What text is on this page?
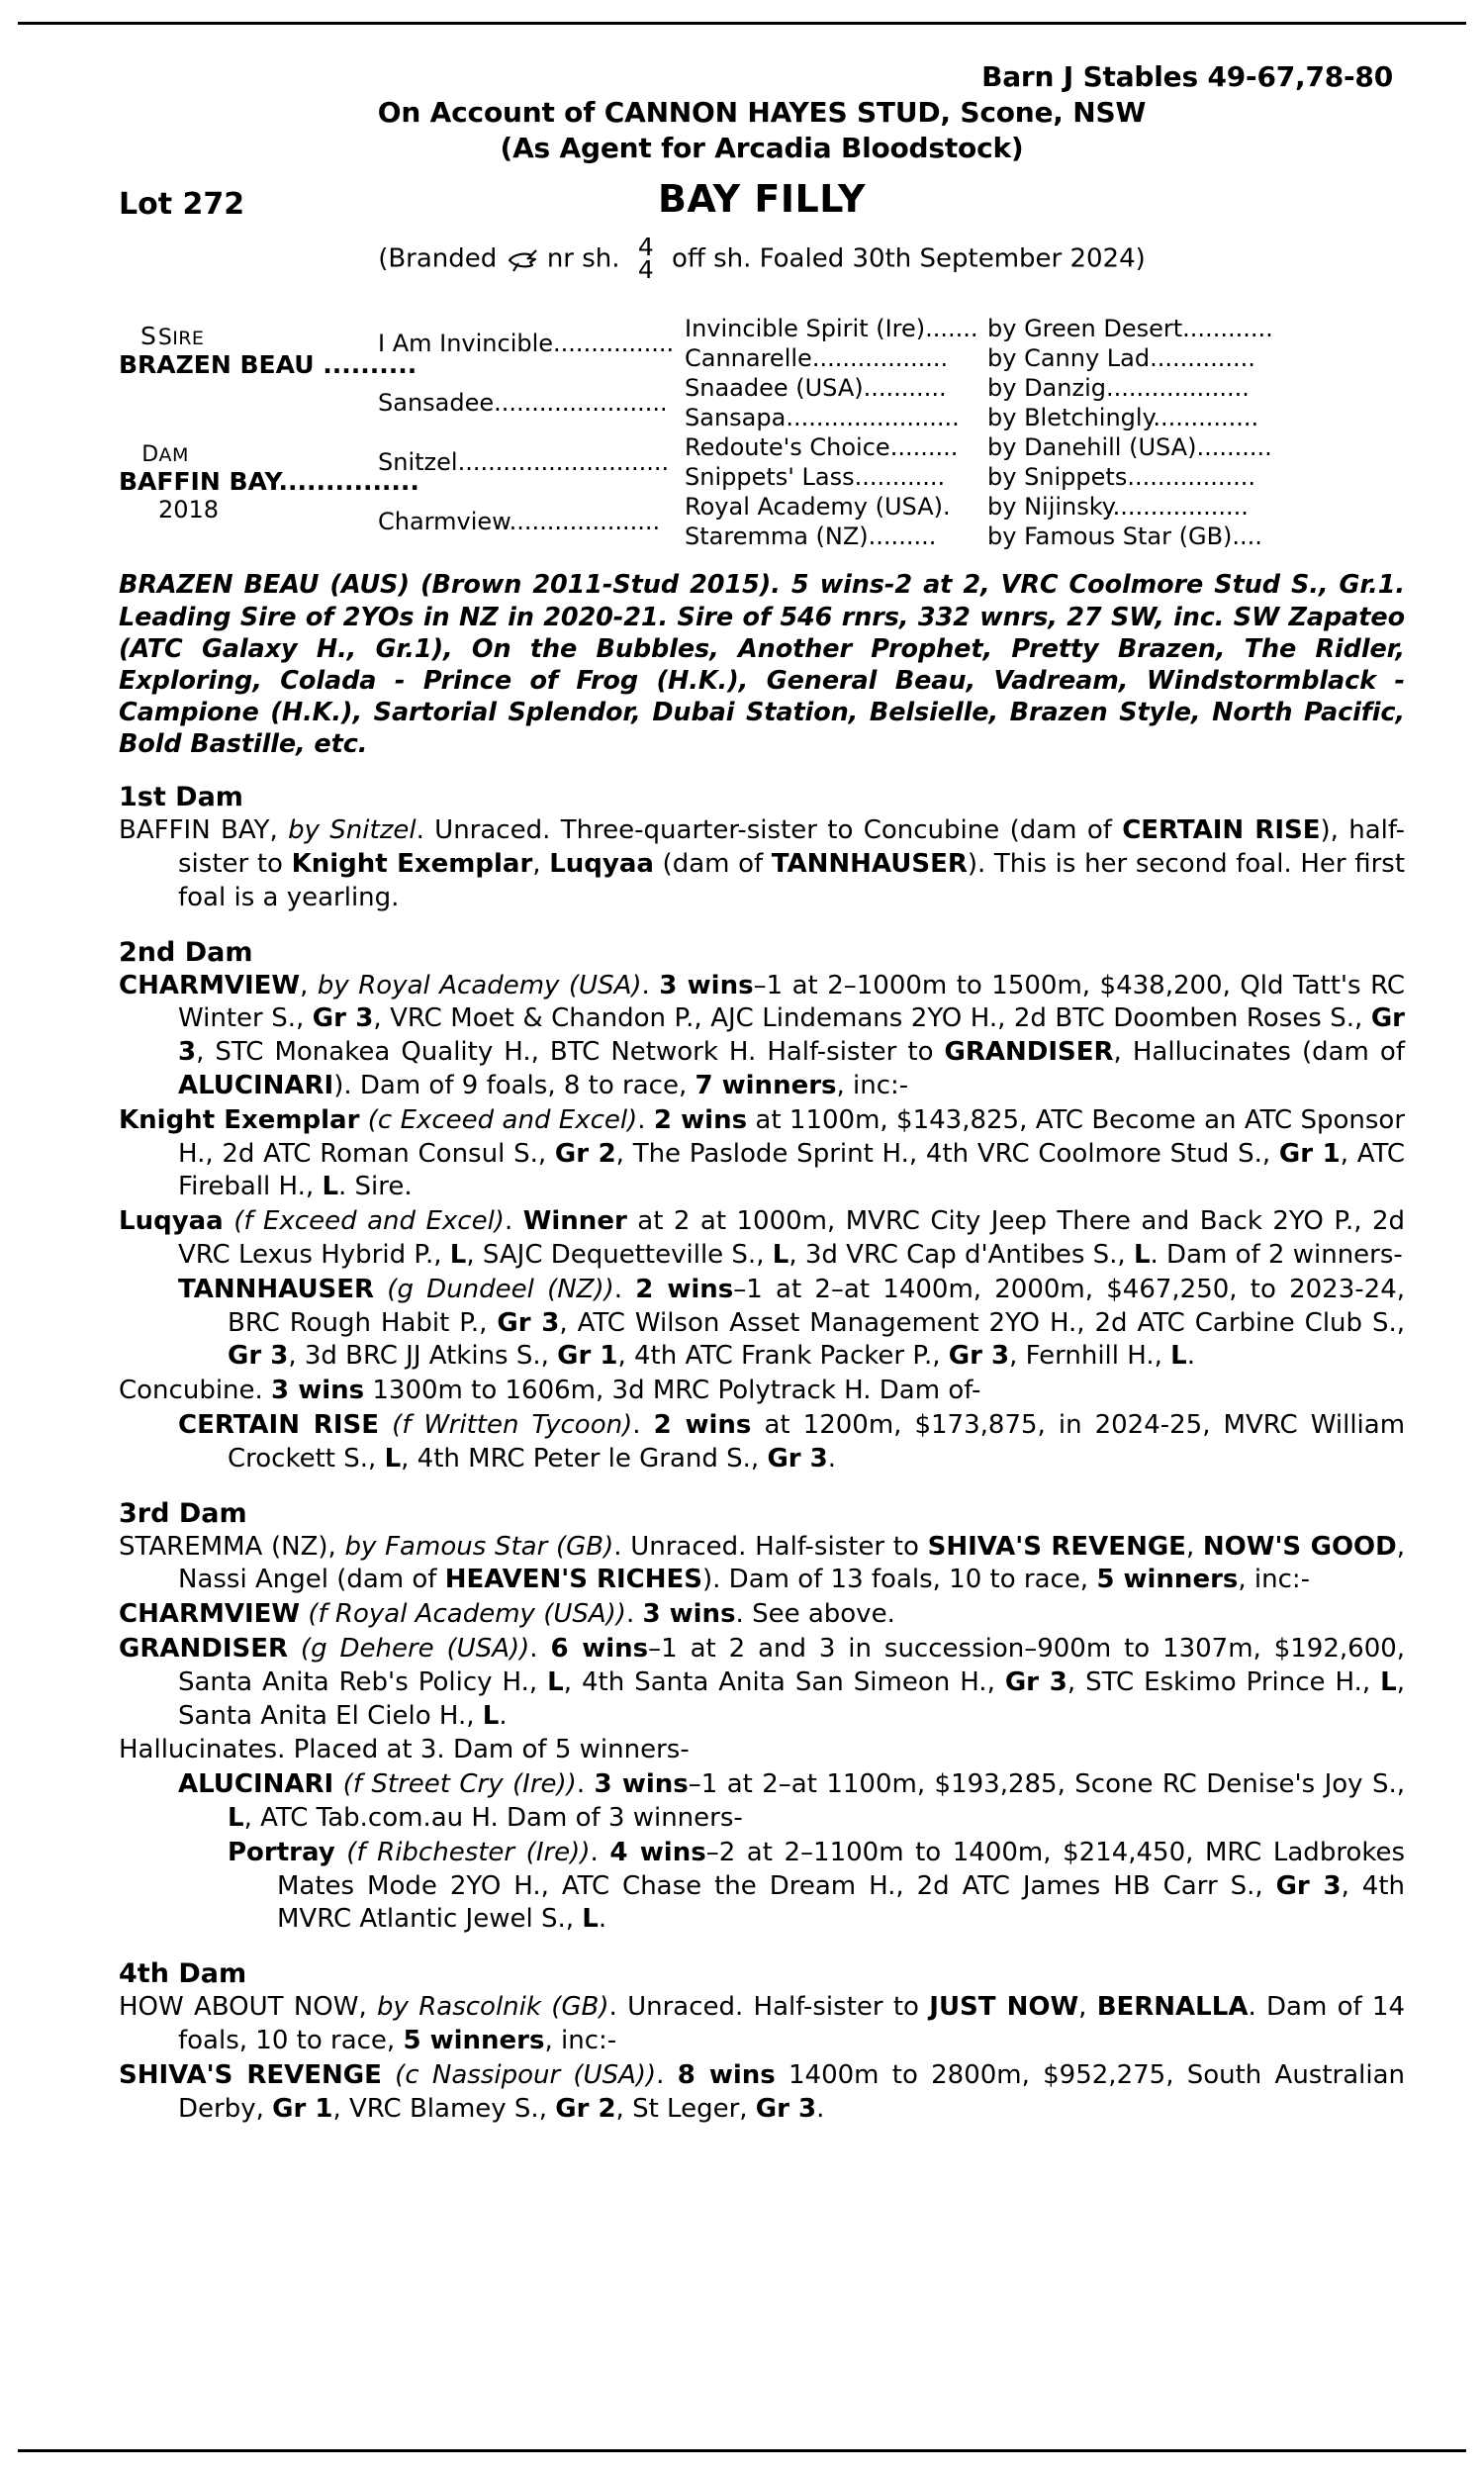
Barn J Stables 49-67,78-80
On Account of CANNON HAYES STUD, Scone, NSW
(As Agent for Arcadia Bloodstock)
Lot 272	BAY FILLY
(Branded nr sh. 4
4 off sh. Foaled 30th September 2024)
SSIRE
BRAZEN BEAU ..........
DAM
BAFFIN BAY...............
2018
I Am Invincible................
Sansadee.......................
Snitzel............................
Charmview....................
Invincible Spirit (Ire).......
Cannarelle..................
Snaadee (USA)...........
Sansapa.......................
Redoute's Choice.........
Snippets' Lass............
Royal Academy (USA).
Staremma (NZ).........
by Green Desert............
by Canny Lad..............
by Danzig...................
by Bletchingly..............
by Danehill (USA)..........
by Snippets.................
by Nijinsky..................
by Famous Star (GB)....
BRAZEN BEAU (AUS) (Brown 2011-Stud 2015). 5 wins-2 at 2, VRC Coolmore Stud S., Gr.1. Leading Sire of 2YOs in NZ in 2020-21. Sire of 546 rnrs, 332 wnrs, 27 SW, inc. SW Zapateo (ATC Galaxy H., Gr.1), On the Bubbles, Another Prophet, Pretty Brazen, The Ridler, Exploring, Colada - Prince of Frog (H.K.), General Beau, Vadream, Windstormblack - Campione (H.K.), Sartorial Splendor, Dubai Station, Belsielle, Brazen Style, North Pacific, Bold Bastille, etc.
1st Dam
BAFFIN BAY, by Snitzel. Unraced. Three-quarter-sister to Concubine (dam of CERTAIN RISE), half-sister to Knight Exemplar, Luqyaa (dam of TANNHAUSER). This is her second foal. Her first foal is a yearling.
2nd Dam
CHARMVIEW, by Royal Academy (USA). 3 wins–1 at 2–1000m to 1500m, $438,200, Qld Tatt's RC Winter S., Gr 3, VRC Moet & Chandon P., AJC Lindemans 2YO H., 2d BTC Doomben Roses S., Gr 3, STC Monakea Quality H., BTC Network H. Half-sister to GRANDISER, Hallucinates (dam of ALUCINARI). Dam of 9 foals, 8 to race, 7 winners, inc:-
Knight Exemplar (c Exceed and Excel). 2 wins at 1100m, $143,825, ATC Become an ATC Sponsor H., 2d ATC Roman Consul S., Gr 2, The Paslode Sprint H., 4th VRC Coolmore Stud S., Gr 1, ATC Fireball H., L. Sire.
Luqyaa (f Exceed and Excel). Winner at 2 at 1000m, MVRC City Jeep There and Back 2YO P., 2d VRC Lexus Hybrid P., L, SAJC Dequetteville S., L, 3d VRC Cap d'Antibes S., L. Dam of 2 winners-
TANNHAUSER (g Dundeel (NZ)). 2 wins–1 at 2–at 1400m, 2000m, $467,250, to 2023-24, BRC Rough Habit P., Gr 3, ATC Wilson Asset Management 2YO H., 2d ATC Carbine Club S., Gr 3, 3d BRC JJ Atkins S., Gr 1, 4th ATC Frank Packer P., Gr 3, Fernhill H., L.
Concubine. 3 wins 1300m to 1606m, 3d MRC Polytrack H. Dam of-
CERTAIN RISE (f Written Tycoon). 2 wins at 1200m, $173,875, in 2024-25, MVRC William Crockett S., L, 4th MRC Peter le Grand S., Gr 3.
3rd Dam
STAREMMA (NZ), by Famous Star (GB). Unraced. Half-sister to SHIVA'S REVENGE, NOW'S GOOD, Nassi Angel (dam of HEAVEN'S RICHES). Dam of 13 foals, 10 to race, 5 winners, inc:-
CHARMVIEW (f Royal Academy (USA)). 3 wins. See above.
GRANDISER (g Dehere (USA)). 6 wins–1 at 2 and 3 in succession–900m to 1307m, $192,600, Santa Anita Reb's Policy H., L, 4th Santa Anita San Simeon H., Gr 3, STC Eskimo Prince H., L, Santa Anita El Cielo H., L.
Hallucinates. Placed at 3. Dam of 5 winners-
ALUCINARI (f Street Cry (Ire)). 3 wins–1 at 2–at 1100m, $193,285, Scone RC Denise's Joy S., L, ATC Tab.com.au H. Dam of 3 winners-
Portray (f Ribchester (Ire)). 4 wins–2 at 2–1100m to 1400m, $214,450, MRC Ladbrokes Mates Mode 2YO H., ATC Chase the Dream H., 2d ATC James HB Carr S., Gr 3, 4th MVRC Atlantic Jewel S., L.
4th Dam
HOW ABOUT NOW, by Rascolnik (GB). Unraced. Half-sister to JUST NOW, BERNALLA. Dam of 14 foals, 10 to race, 5 winners, inc:-
SHIVA'S REVENGE (c Nassipour (USA)). 8 wins 1400m to 2800m, $952,275, South Australian Derby, Gr 1, VRC Blamey S., Gr 2, St Leger, Gr 3.
